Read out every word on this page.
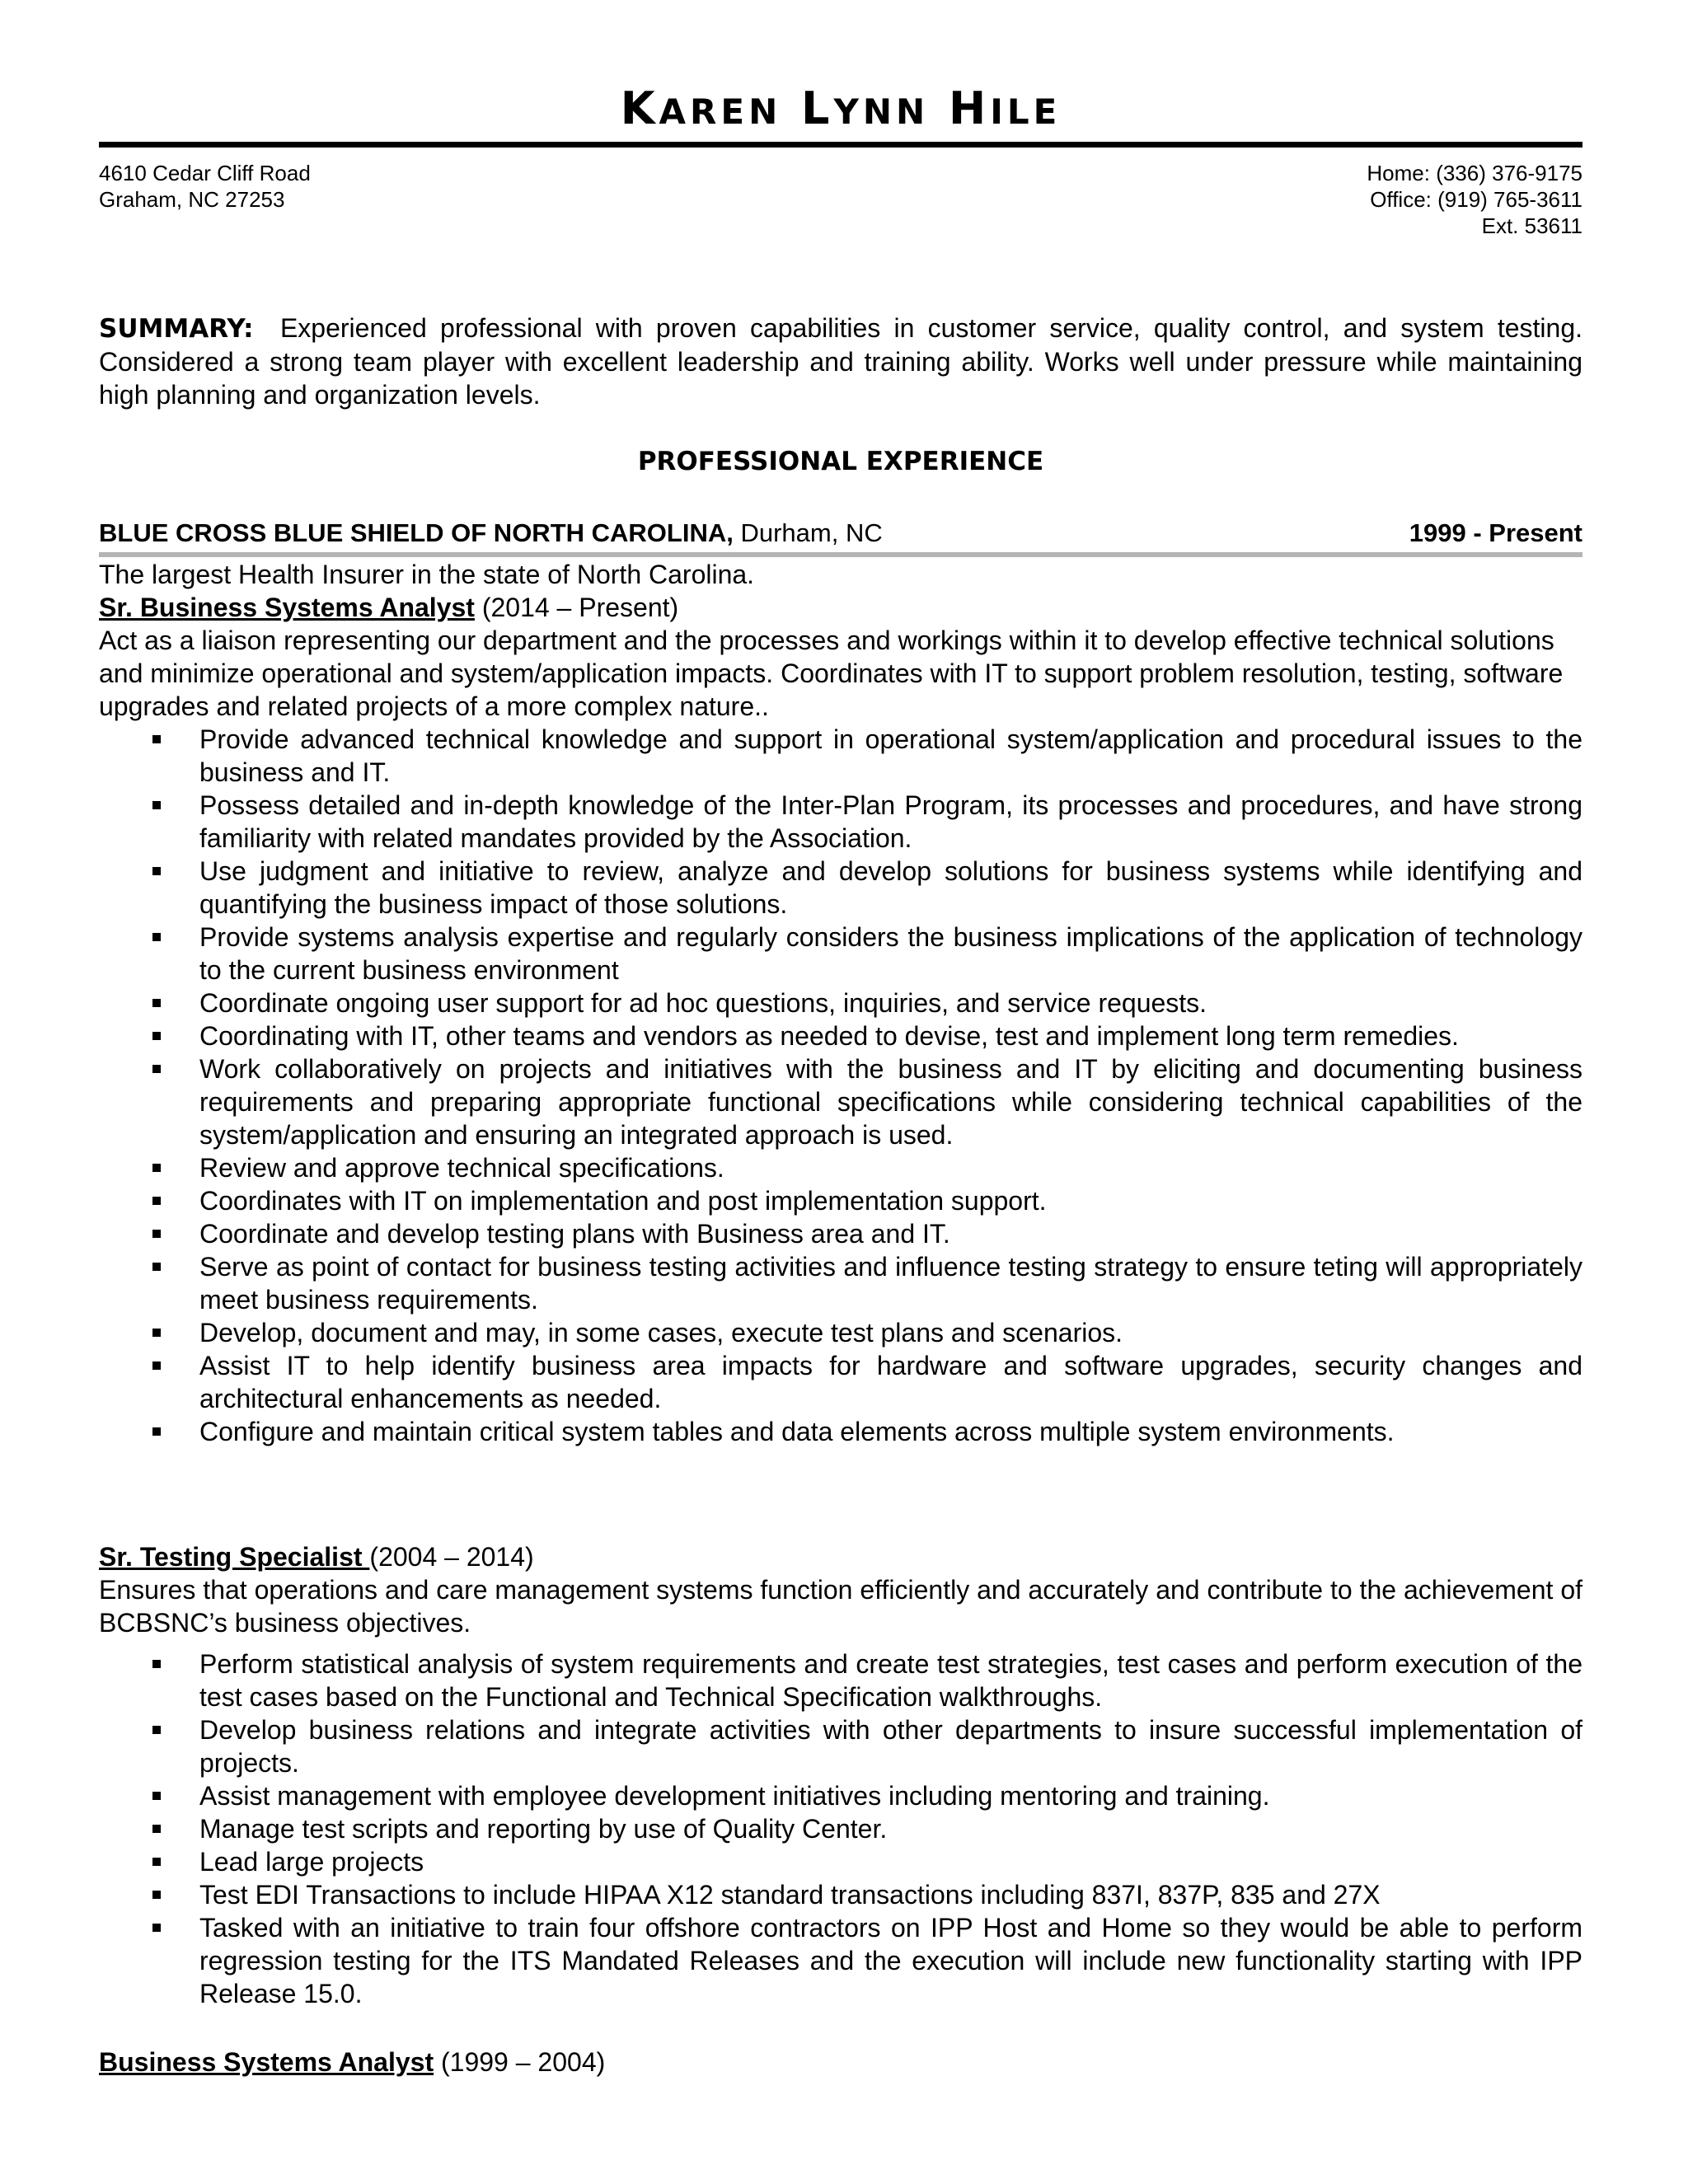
KAREN LYNN HILE
4610 Cedar Cliff Road
Graham, NC 27253
Home: (336) 376-9175
Office: (919) 765-3611
Ext. 53611
SUMMARY: Experienced professional with proven capabilities in customer service, quality control, and system testing. Considered a strong team player with excellent leadership and training ability. Works well under pressure while maintaining high planning and organization levels.
PROFESSIONAL EXPERIENCE
BLUE CROSS BLUE SHIELD OF NORTH CAROLINA, Durham, NC	1999 - Present
The largest Health Insurer in the state of North Carolina.
Sr. Business Systems Analyst (2014 – Present)
Act as a liaison representing our department and the processes and workings within it to develop effective technical solutions and minimize operational and system/application impacts. Coordinates with IT to support problem resolution, testing, software upgrades and related projects of a more complex nature..
Provide advanced technical knowledge and support in operational system/application and procedural issues to the business and IT.
Possess detailed and in-depth knowledge of the Inter-Plan Program, its processes and procedures, and have strong familiarity with related mandates provided by the Association.
Use judgment and initiative to review, analyze and develop solutions for business systems while identifying and quantifying the business impact of those solutions.
Provide systems analysis expertise and regularly considers the business implications of the application of technology to the current business environment
Coordinate ongoing user support for ad hoc questions, inquiries, and service requests.
Coordinating with IT, other teams and vendors as needed to devise, test and implement long term remedies.
Work collaboratively on projects and initiatives with the business and IT by eliciting and documenting business requirements and preparing appropriate functional specifications while considering technical capabilities of the system/application and ensuring an integrated approach is used.
Review and approve technical specifications.
Coordinates with IT on implementation and post implementation support.
Coordinate and develop testing plans with Business area and IT.
Serve as point of contact for business testing activities and influence testing strategy to ensure teting will appropriately meet business requirements.
Develop, document and may, in some cases, execute test plans and scenarios.
Assist IT to help identify business area impacts for hardware and software upgrades, security changes and architectural enhancements as needed.
Configure and maintain critical system tables and data elements across multiple system environments.
Sr. Testing Specialist (2004 – 2014)
Ensures that operations and care management systems function efficiently and accurately and contribute to the achievement of BCBSNC’s business objectives.
Perform statistical analysis of system requirements and create test strategies, test cases and perform execution of the test cases based on the Functional and Technical Specification walkthroughs.
Develop business relations and integrate activities with other departments to insure successful implementation of projects.
Assist management with employee development initiatives including mentoring and training.
Manage test scripts and reporting by use of Quality Center.
Lead large projects
Test EDI Transactions to include HIPAA X12 standard transactions including 837I, 837P, 835 and 27X
Tasked with an initiative to train four offshore contractors on IPP Host and Home so they would be able to perform regression testing for the ITS Mandated Releases and the execution will include new functionality starting with IPP Release 15.0.
Business Systems Analyst (1999 – 2004)
